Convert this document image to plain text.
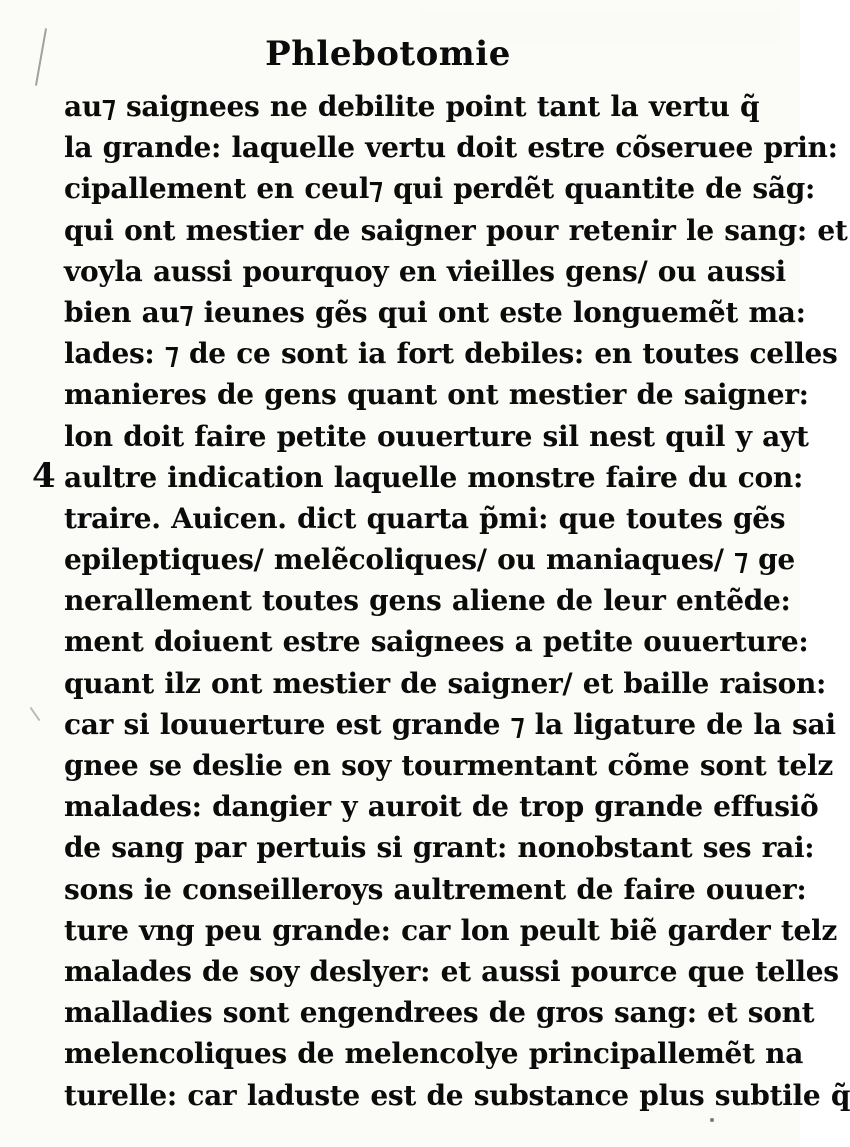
Phlebotomie
4
au⁊ saignees ne debilite point tant la vertu q̃
la grande: laquelle vertu doit estre cõseruee prin:
cipallement en ceul⁊ qui perdẽt quantite de sãg:
qui ont mestier de saigner pour retenir le sang: et
voyla aussi pourquoy en vieilles gens/ ou aussi
bien au⁊ ieunes gẽs qui ont este longuemẽt ma:
lades: ⁊ de ce sont ia fort debiles: en toutes celles
manieres de gens quant ont mestier de saigner:
lon doit faire petite ouuerture sil nest quil y ayt
aultre indication laquelle monstre faire du con:
traire. Auicen. dict quarta p̃mi: que toutes gẽs
epileptiques/ melẽcoliques/ ou maniaques/ ⁊ ge
nerallement toutes gens aliene de leur entẽde:
ment doiuent estre saignees a petite ouuerture:
quant ilz ont mestier de saigner/ et baille raison:
car si louuerture est grande ⁊ la ligature de la sai
gnee se deslie en soy tourmentant cõme sont telz
malades: dangier y auroit de trop grande effusiõ
de sang par pertuis si grant: nonobstant ses rai:
sons ie conseilleroys aultrement de faire ouuer:
ture vng peu grande: car lon peult biẽ garder telz
malades de soy deslyer: et aussi pource que telles
malladies sont engendrees de gros sang: et sont
melencoliques de melencolye principallemẽt na
turelle: car laduste est de substance plus subtile q̃
